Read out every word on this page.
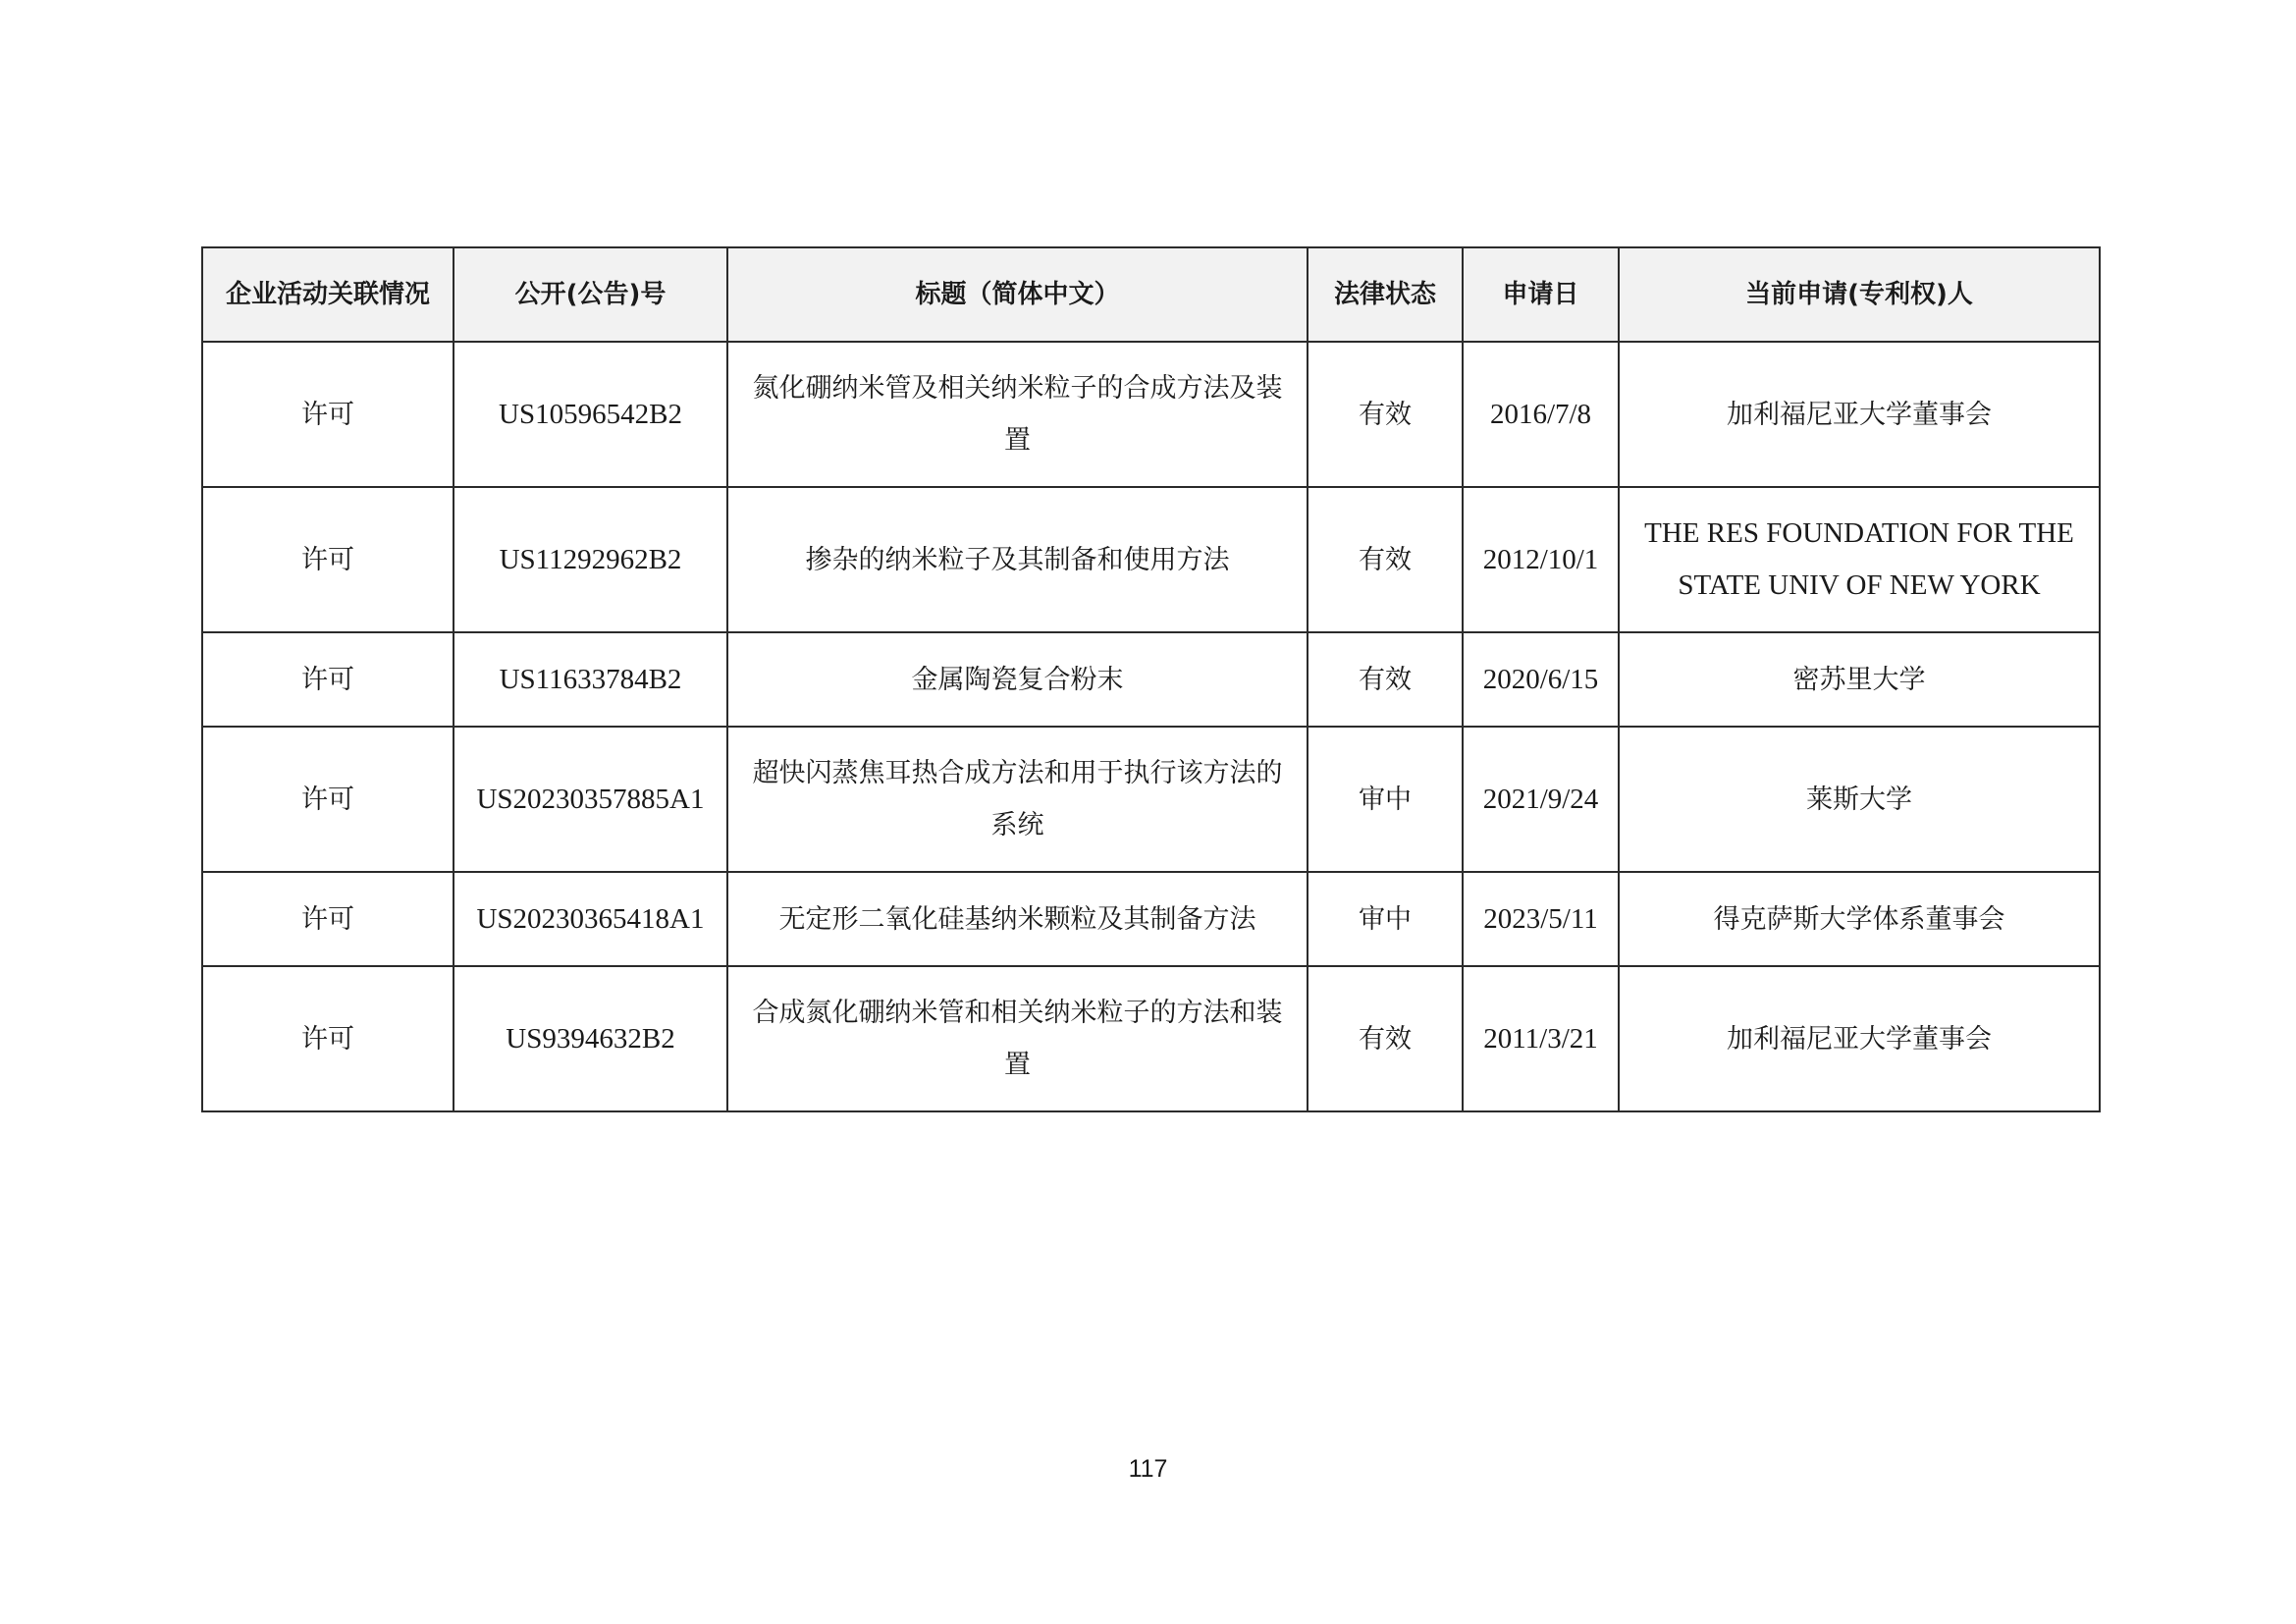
企业活动关联情况	公开(公告)号	标题（简体中文）	法律状态	申请日	当前申请(专利权)人
许可	US10596542B2	氮化硼纳米管及相关纳米粒子的合成方法及装置	有效	2016/7/8	加利福尼亚大学董事会
许可	US11292962B2	掺杂的纳米粒子及其制备和使用方法	有效	2012/10/1	THE RES FOUNDATION FOR THE STATE UNIV OF NEW YORK
许可	US11633784B2	金属陶瓷复合粉末	有效	2020/6/15	密苏里大学
许可	US20230357885A1	超快闪蒸焦耳热合成方法和用于执行该方法的系统	审中	2021/9/24	莱斯大学
许可	US20230365418A1	无定形二氧化硅基纳米颗粒及其制备方法	审中	2023/5/11	得克萨斯大学体系董事会
许可	US9394632B2	合成氮化硼纳米管和相关纳米粒子的方法和装置	有效	2011/3/21	加利福尼亚大学董事会
117
